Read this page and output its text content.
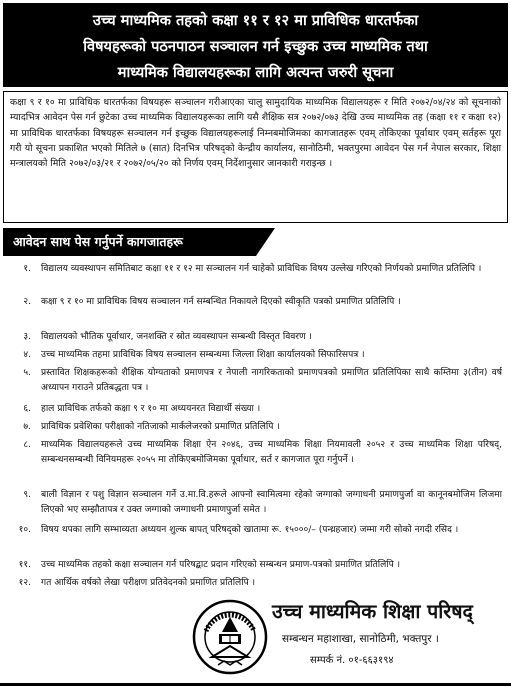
उच्च माध्यमिक तहको कक्षा ११ र १२ मा प्राविधिक धारतर्फका
विषयहरूको पठनपाठन सञ्चालन गर्न इच्छुक उच्च माध्यमिक तथा
माध्यमिक विद्यालयहरूका लागि अत्यन्त जरुरी सूचना
कक्षा ९ र १० मा प्राविधिक धारतर्फका विषयहरू सञ्चालन गरीआएका चालु सामुदायिक माध्यमिक विद्यालयहरू र मिति २०७२/०४/२४ को सूचनाको म्यादभित्र आवेदन पेस गर्न छुटेका उच्च माध्यमिक विद्यालयहरूका लागि यसै शैक्षिक सत्र २०७२/०७३ देखि उच्च माध्यमिक तह (कक्षा ११ र कक्षा १२) मा प्राविधिक धारतर्फका विषयहरू सञ्चालन गर्न इच्छुक विद्यालयहरूलाई निम्नबमोजिमका कागजातहरू एवम् तोकिएका पूर्वाधार एवम् सर्तहरू पूरा गरी यो सूचना प्रकाशित भएको मितिले ७ (सात) दिनभित्र परिषद्को केन्द्रीय कार्यालय, सानोठिमी, भक्तपुरमा आवेदन पेस गर्न नेपाल सरकार, शिक्षा मन्त्रालयको मिति २०७२/०३/२१ र २०७२/०५/२० को निर्णय एवम् निर्देशानुसार जानकारी गराइन्छ ।
आवेदन साथ पेस गर्नुपर्ने कागजातहरू
१.	विद्यालय व्यवस्थापन समितिबाट कक्षा ११ र १२ मा सञ्चालन गर्न चाहेको प्राविधिक विषय उल्लेख गरिएको निर्णयको प्रमाणित प्रतिलिपि ।
२.	कक्षा ९ र १० मा प्राविधिक विषय सञ्चालन गर्न सम्बन्धित निकायले दिएको स्वीकृति पत्रको प्रमाणित प्रतिलिपि ।
३.	विद्यालयको भौतिक पूर्वाधार, जनशक्ति र स्रोत व्यवस्थापन सम्बन्धी विस्तृत विवरण ।
४.	उच्च माध्यमिक तहमा प्राविधिक विषय सञ्चालन सम्बन्धमा जिल्ला शिक्षा कार्यालयको सिफारिसपत्र ।
५.	प्रस्तावित शिक्षकहरूको शैक्षिक योग्यताको प्रमाणपत्र र नेपाली नागरिकताको प्रमाणपत्रको प्रमाणित प्रतिलिपिका साथै कम्तिमा ३(तीन) वर्ष अध्यापन गराउने प्रतिबद्धता पत्र ।
६.	हाल प्राविधिक तर्फको कक्षा ९ र १० मा अध्ययनरत विद्यार्थी संख्या ।
७.	प्राविधिक प्रवेशिका परीक्षाको नतिजाको मार्कलेजरको प्रमाणित प्रतिलिपि ।
८.	माध्यमिक विद्यालयहरूले उच्च माध्यमिक शिक्षा ऐन २०४६, उच्च माध्यमिक शिक्षा नियमावली २०५२ र उच्च माध्यमिक शिक्षा परिषद्, सम्बन्धनसम्बन्धी विनियमहरू २०५५ मा तोकिएबमोजिमका पूर्वाधार, सर्त र कागजात पूरा गर्नुपर्ने ।
९.	बाली विज्ञान र पशु विज्ञान सञ्चालन गर्ने उ.मा.वि.हरूले आफ्नो स्वामित्वमा रहेको जग्गाको जग्गाधनी प्रमाणपुर्जा वा कानूनबमोजिम लिजमा लिएको भए सम्झौतापत्र र उक्त जग्गाको जग्गाधनी प्रमाणपुर्जा समेत ।
१०.	विषय थपका लागि सम्भाव्यता अध्ययन शुल्क बापत् परिषद्को खातामा रू. १५०००/– (पन्ध्रहजार) जम्मा गरी सोको नगदी रसिद ।
११.	उच्च माध्यमिक तहको कक्षा सञ्चालन गर्न परिषद्बाट प्रदान गरिएको सम्बन्धन प्रमाण-पत्रको प्रमाणित प्रतिलिपि ।
१२.	गत आर्थिक वर्षको लेखा परीक्षण प्रतिवेदनको प्रमाणित प्रतिलिपि ।
उच्च माध्यमिक शिक्षा परिषद्
सम्बन्धन महाशाखा, सानोठिमी, भक्तपुर ।
सम्पर्क नं. ०१-६६३१९४
